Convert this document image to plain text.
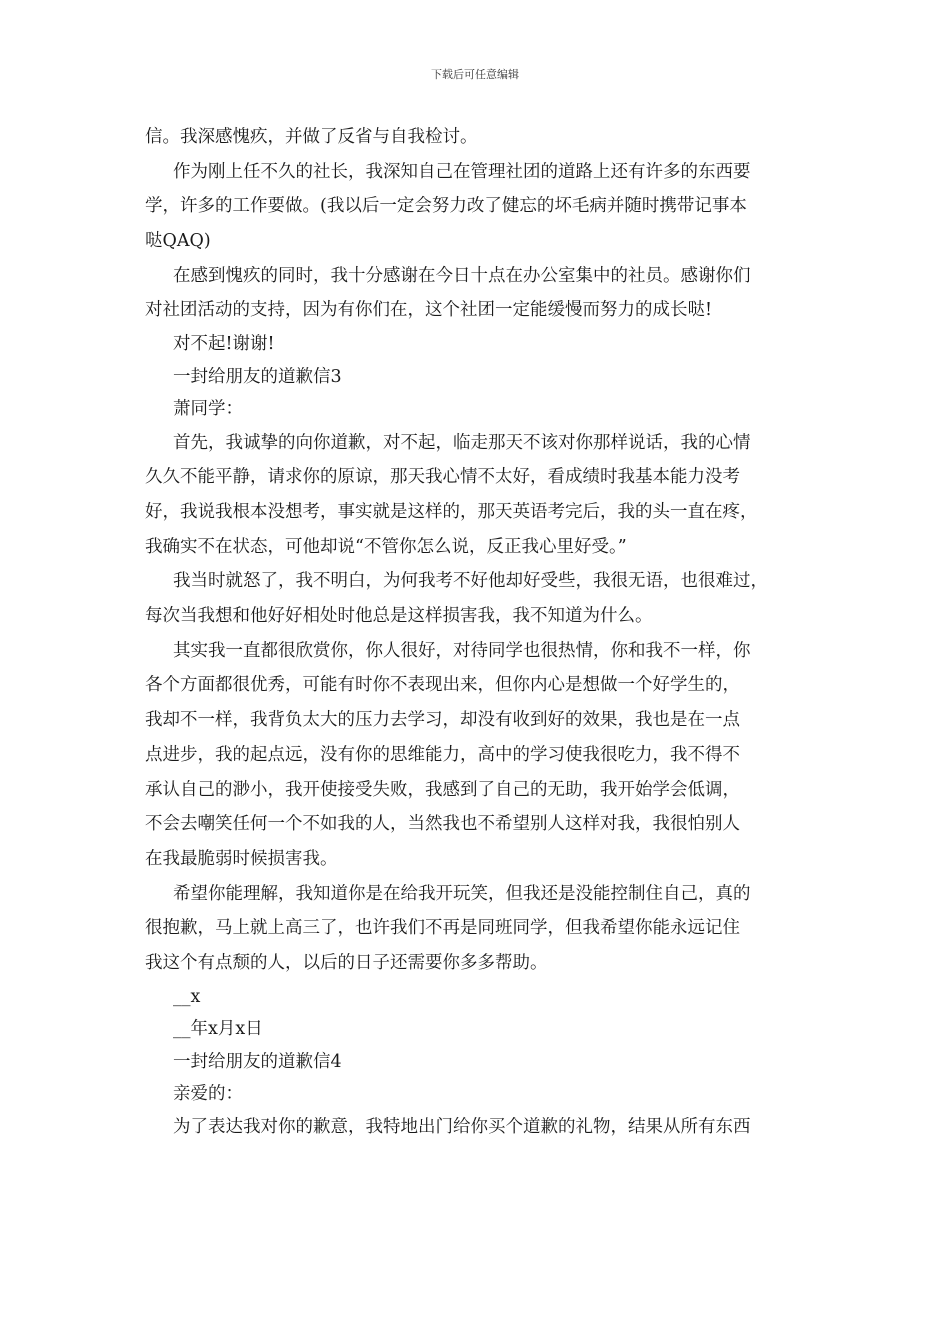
下载后可任意编辑
信。我深感愧疚，并做了反省与自我检讨。
作为刚上任不久的社长，我深知自己在管理社团的道路上还有许多的东西要
学，许多的工作要做。(我以后一定会努力改了健忘的坏毛病并随时携带记事本
哒QAQ)
在感到愧疚的同时，我十分感谢在今日十点在办公室集中的社员。感谢你们
对社团活动的支持，因为有你们在，这个社团一定能缓慢而努力的成长哒!
对不起!谢谢!
一封给朋友的道歉信3
萧同学：
首先，我诚挚的向你道歉，对不起，临走那天不该对你那样说话，我的心情
久久不能平静，请求你的原谅，那天我心情不太好，看成绩时我基本能力没考
好，我说我根本没想考，事实就是这样的，那天英语考完后，我的头一直在疼，
我确实不在状态，可他却说“不管你怎么说，反正我心里好受。”
我当时就怒了，我不明白，为何我考不好他却好受些，我很无语，也很难过，
每次当我想和他好好相处时他总是这样损害我，我不知道为什么。
其实我一直都很欣赏你，你人很好，对待同学也很热情，你和我不一样，你
各个方面都很优秀，可能有时你不表现出来，但你内心是想做一个好学生的，
我却不一样，我背负太大的压力去学习，却没有收到好的效果，我也是在一点
点进步，我的起点远，没有你的思维能力，高中的学习使我很吃力，我不得不
承认自己的渺小，我开使接受失败，我感到了自己的无助，我开始学会低调，
不会去嘲笑任何一个不如我的人，当然我也不希望别人这样对我，我很怕别人
在我最脆弱时候损害我。
希望你能理解，我知道你是在给我开玩笑，但我还是没能控制住自己，真的
很抱歉，马上就上高三了，也许我们不再是同班同学，但我希望你能永远记住
我这个有点颓的人，以后的日子还需要你多多帮助。
__x
__年x月x日
一封给朋友的道歉信4
亲爱的：
为了表达我对你的歉意，我特地出门给你买个道歉的礼物，结果从所有东西
